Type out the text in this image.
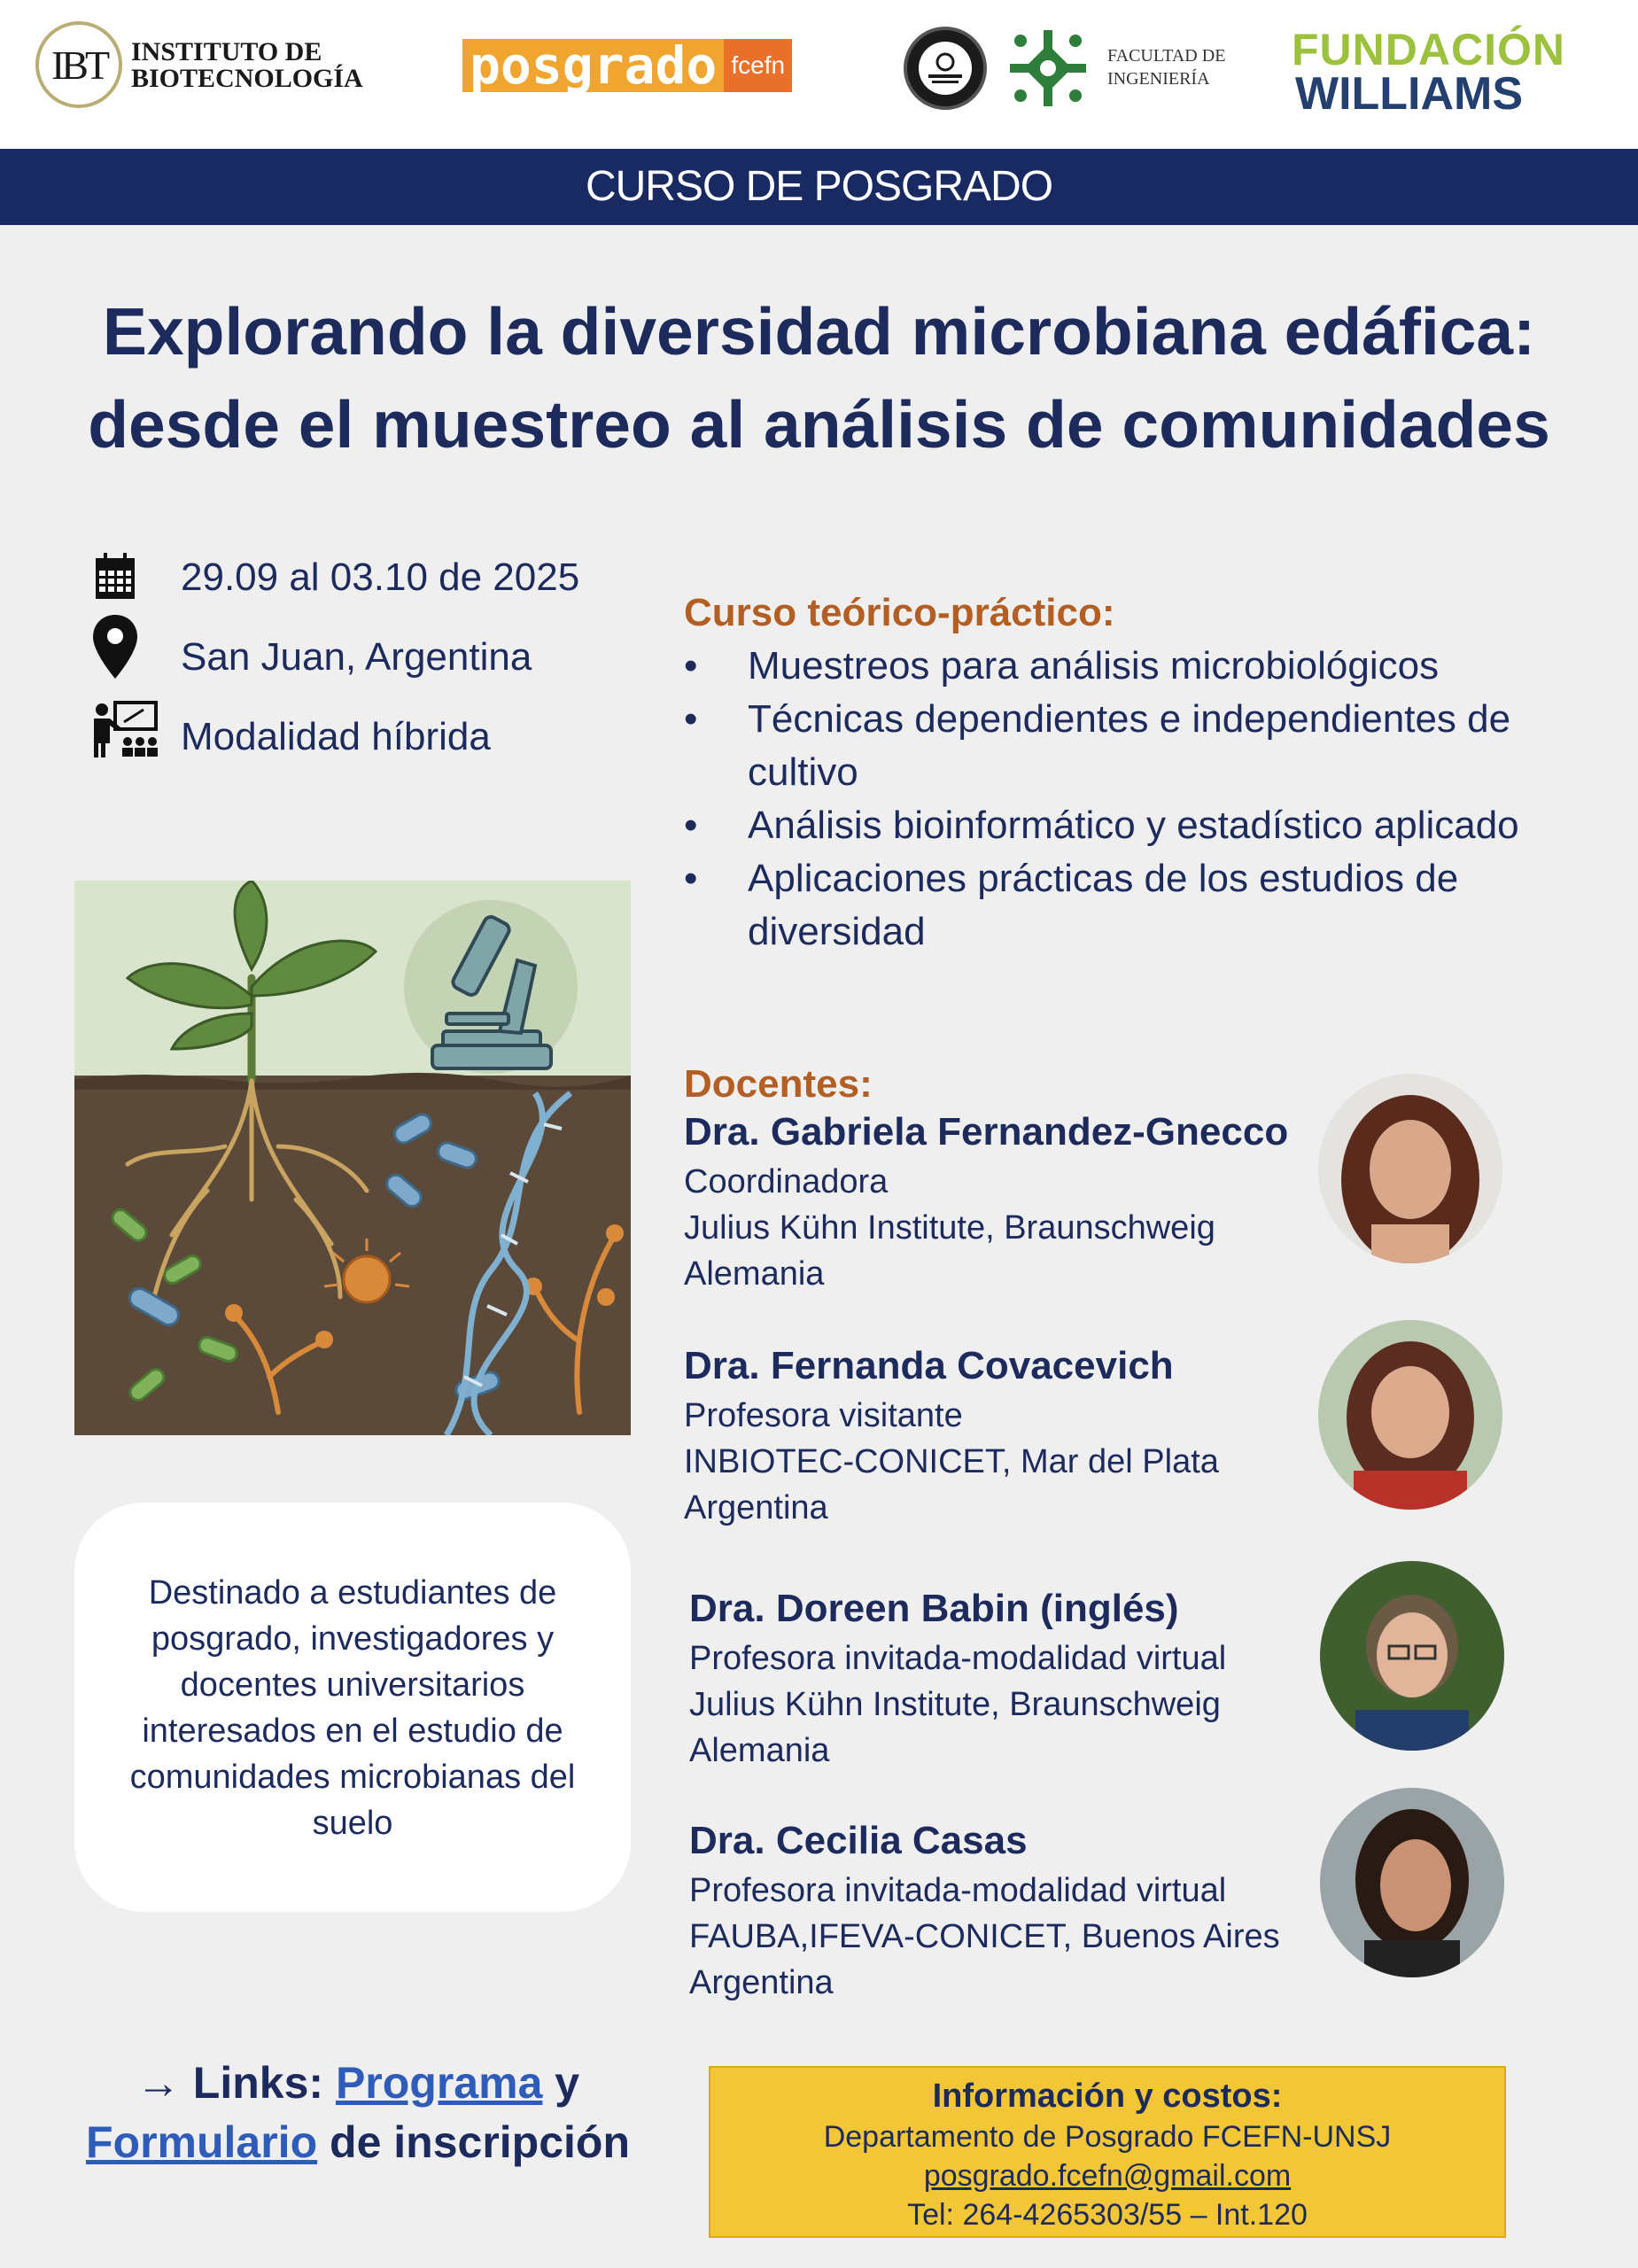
IBT INSTITUTO DE
BIOTECNOLOGÍA posgrado fcefn	FACULTAD DE
INGENIERÍA
FUNDACIÓN
WILLIAMS
CURSO DE POSGRADO
Explorando la diversidad microbiana edáfica:
desde el muestreo al análisis de comunidades
29.09 al 03.10 de 2025
San Juan, Argentina
Modalidad híbrida
Destinado a estudiantes de posgrado, investigadores y docentes universitarios interesados en el estudio de comunidades microbianas del suelo
→ Links: Programa y
Formulario de inscripción
Curso teórico-práctico:
•	Muestreos para análisis microbiológicos
•	Técnicas dependientes e independientes de cultivo
•	Análisis bioinformático y estadístico aplicado
•	Aplicaciones prácticas de los estudios de diversidad
Docentes:
Dra. Gabriela Fernandez-Gnecco
Coordinadora
Julius Kühn Institute, Braunschweig
Alemania
Dra. Fernanda Covacevich
Profesora visitante
INBIOTEC-CONICET, Mar del Plata
Argentina
Dra. Doreen Babin (inglés)
Profesora invitada-modalidad virtual
Julius Kühn Institute, Braunschweig
Alemania
Dra. Cecilia Casas
Profesora invitada-modalidad virtual
FAUBA,IFEVA-CONICET, Buenos Aires
Argentina
Información y costos:
Departamento de Posgrado FCEFN-UNSJ
posgrado.fcefn@gmail.com
Tel: 264-4265303/55 – Int.120
